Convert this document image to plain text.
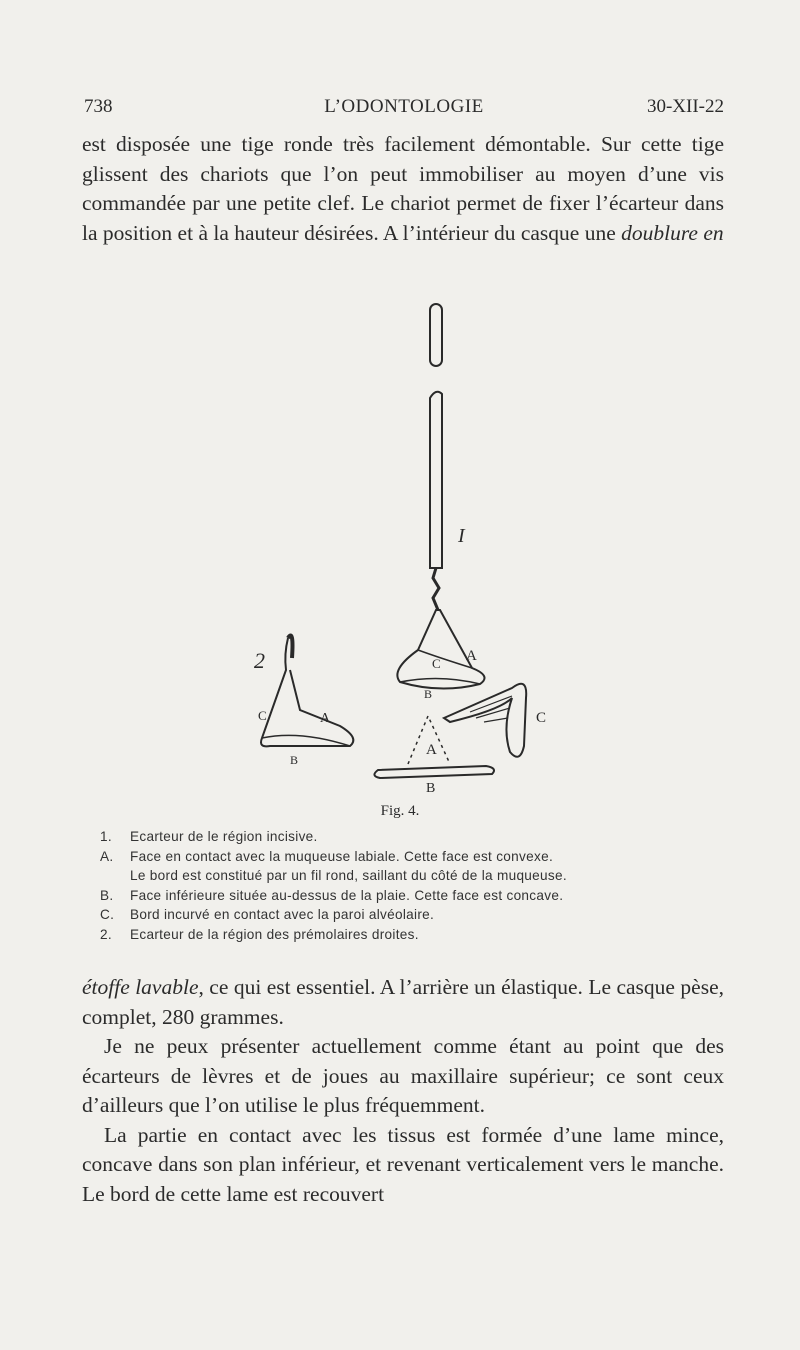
738	L’ODONTOLOGIE	30-XII-22

est disposée une tige ronde très facilement démontable. Sur cette tige glissent des chariots que l’on peut immobiliser au moyen d’une vis commandée par une petite clef. Le chariot permet de fixer l’écarteur dans la position et à la hauteur désirées. A l’intérieur du casque une doublure en

I
2	A
C
B
C	A
B
A
C
B
Fig. 4.
1.	Ecarteur de le région incisive.
A.	Face en contact avec la muqueuse labiale. Cette face est convexe.
Le bord est constitué par un fil rond, saillant du côté de la muqueuse.
B.	Face inférieure située au-dessus de la plaie. Cette face est concave.
C.	Bord incurvé en contact avec la paroi alvéolaire.
2.	Ecarteur de la région des prémolaires droites.

étoffe lavable, ce qui est essentiel. A l’arrière un élastique. Le casque pèse, complet, 280 grammes.

Je ne peux présenter actuellement comme étant au point que des écarteurs de lèvres et de joues au maxillaire supérieur; ce sont ceux d’ailleurs que l’on utilise le plus fréquemment.

La partie en contact avec les tissus est formée d’une lame mince, concave dans son plan inférieur, et revenant verticalement vers le manche. Le bord de cette lame est recouvert
